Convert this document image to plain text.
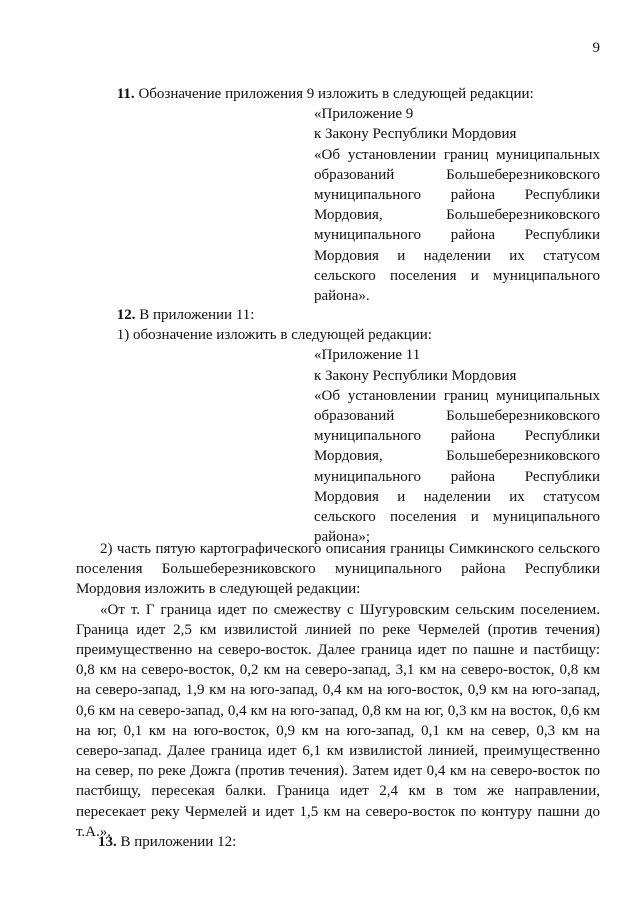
9

11. Обозначение приложения 9 изложить в следующей редакции:

«Приложение 9

к Закону Республики Мордовия

«Об установлении границ муниципальных образований Большеберезниковского муниципального района Республики Мордовия, Большеберезниковского муниципального района Республики Мордовия и наделении их статусом сельского поселения и муниципального района».

12. В приложении 11:

1) обозначение изложить в следующей редакции:

«Приложение 11

к Закону Республики Мордовия

«Об установлении границ муниципальных образований Большеберезниковского муниципального района Республики Мордовия, Большеберезниковского муниципального района Республики Мордовия и наделении их статусом сельского поселения и муниципального района»;

2) часть пятую картографического описания границы Симкинского сельского поселения Большеберезниковского муниципального района Республики Мордовия изложить в следующей редакции:

«От т. Г граница идет по смежеству с Шугуровским сельским поселением. Граница идет 2,5 км извилистой линией по реке Чермелей (против течения) преимущественно на северо-восток. Далее граница идет по пашне и пастбищу: 0,8 км на северо-восток, 0,2 км на северо-запад, 3,1 км на северо-восток, 0,8 км на северо-запад, 1,9 км на юго-запад, 0,4 км на юго-восток, 0,9 км на юго-запад, 0,6 км на северо-запад, 0,4 км на юго-запад, 0,8 км на юг, 0,3 км на восток, 0,6 км на юг, 0,1 км на юго-восток, 0,9 км на юго-запад, 0,1 км на север, 0,3 км на северо-запад. Далее граница идет 6,1 км извилистой линией, преимущественно на север, по реке Дожга (против течения). Затем идет 0,4 км на северо-восток по пастбищу, пересекая балки. Граница идет 2,4 км в том же направлении, пересекает реку Чермелей и идет 1,5 км на северо-восток по контуру пашни до т.А.».

13. В приложении 12:
